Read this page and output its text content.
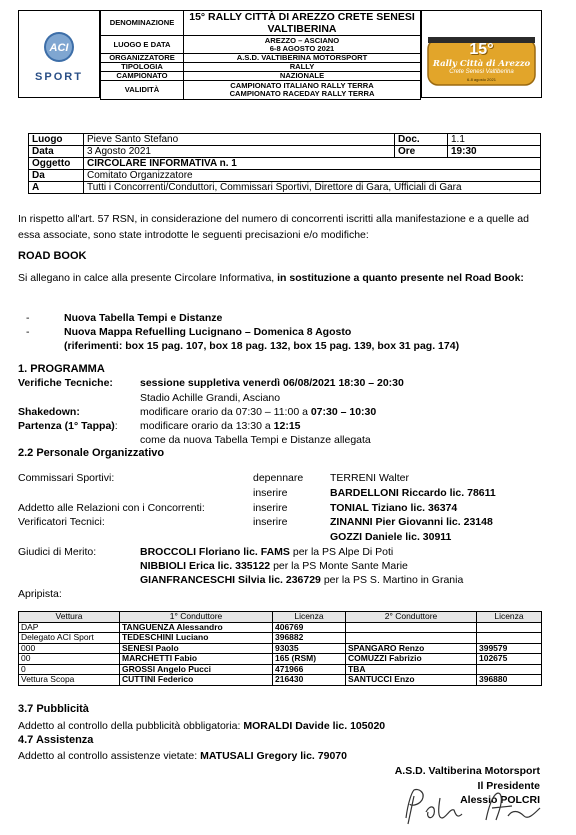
ACI
SPORT
DENOMINAZIONE	15° RALLY CITTÀ DI AREZZO CRETE SENESI VALTIBERINA
LUOGO E DATA	AREZZO – ASCIANO
6-8 AGOSTO 2021
ORGANIZZATORE	A.S.D. VALTIBERINA MOTORSPORT
TIPOLOGIA	RALLY
CAMPIONATO	NAZIONALE
VALIDITÀ	CAMPIONATO ITALIANO RALLY TERRA
CAMPIONATO RACEDAY RALLY TERRA
15°
Rally Città di Arezzo
Crete Senesi Valtiberina
6-8 agosto 2021
Luogo	Pieve Santo Stefano	Doc.	1.1
Data	3 Agosto 2021	Ore	19:30
Oggetto	CIRCOLARE INFORMATIVA n. 1		
Da	Comitato Organizzatore		
A	Tutti i Concorrenti/Conduttori, Commissari Sportivi, Direttore di Gara, Ufficiali di Gara		
In rispetto all'art. 57 RSN, in considerazione del numero di concorrenti iscritti alla manifestazione e a quelle ad essa associate, sono state introdotte le seguenti precisazioni e/o modifiche:
ROAD BOOK
Si allegano in calce alla presente Circolare Informativa, in sostituzione a quanto presente nel Road Book:
-	Nuova Tabella Tempi e Distanze
-	Nuova Mappa Refuelling Lucignano – Domenica 8 Agosto
(riferimenti: box 15 pag. 107, box 18 pag. 132, box 15 pag. 139, box 31 pag. 174)
1. PROGRAMMA
Verifiche Tecniche:	sessione suppletiva venerdì 06/08/2021 18:30 – 20:30
Stadio Achille Grandi, Asciano
Shakedown:	modificare orario da 07:30 – 11:00 a 07:30 – 10:30
Partenza (1° Tappa): modificare orario da 13:30 a 12:15
come da nuova Tabella Tempi e Distanze allegata
2.2 Personale Organizzativo
Commissari Sportivi:	depennare	TERRENI Walter
inserire	BARDELLONI Riccardo lic. 78611
Addetto alle Relazioni con i Concorrenti:	inserire	TONIAL Tiziano lic. 36374
Verificatori Tecnici:	inserire	ZINANNI Pier Giovanni lic. 23148
GOZZI Daniele lic. 30911
Giudici di Merito:	BROCCOLI Floriano lic. FAMS per la PS Alpe Di Poti
NIBBIOLI Erica lic. 335122 per la PS Monte Sante Marie
GIANFRANCESCHI Silvia lic. 236729 per la PS S. Martino in Grania
Apripista:
Vettura	1° Conduttore	Licenza	2° Conduttore	Licenza
DAP	TANGUENZA Alessandro	406769		
Delegato ACI Sport	TEDESCHINI Luciano	396882		
000	SENESI Paolo	93035	SPANGARO Renzo	399579
00	MARCHETTI Fabio	165 (RSM)	COMUZZI Fabrizio	102675
0	GROSSI Angelo Pucci	471966	TBA	
Vettura Scopa	CUTTINI Federico	216430	SANTUCCI Enzo	396880
3.7 Pubblicità
Addetto al controllo della pubblicità obbligatoria: MORALDI Davide lic. 105020
4.7 Assistenza
Addetto al controllo assistenze vietate: MATUSALI Gregory lic. 79070
A.S.D. Valtiberina Motorsport
Il Presidente
Alessio POLCRI
